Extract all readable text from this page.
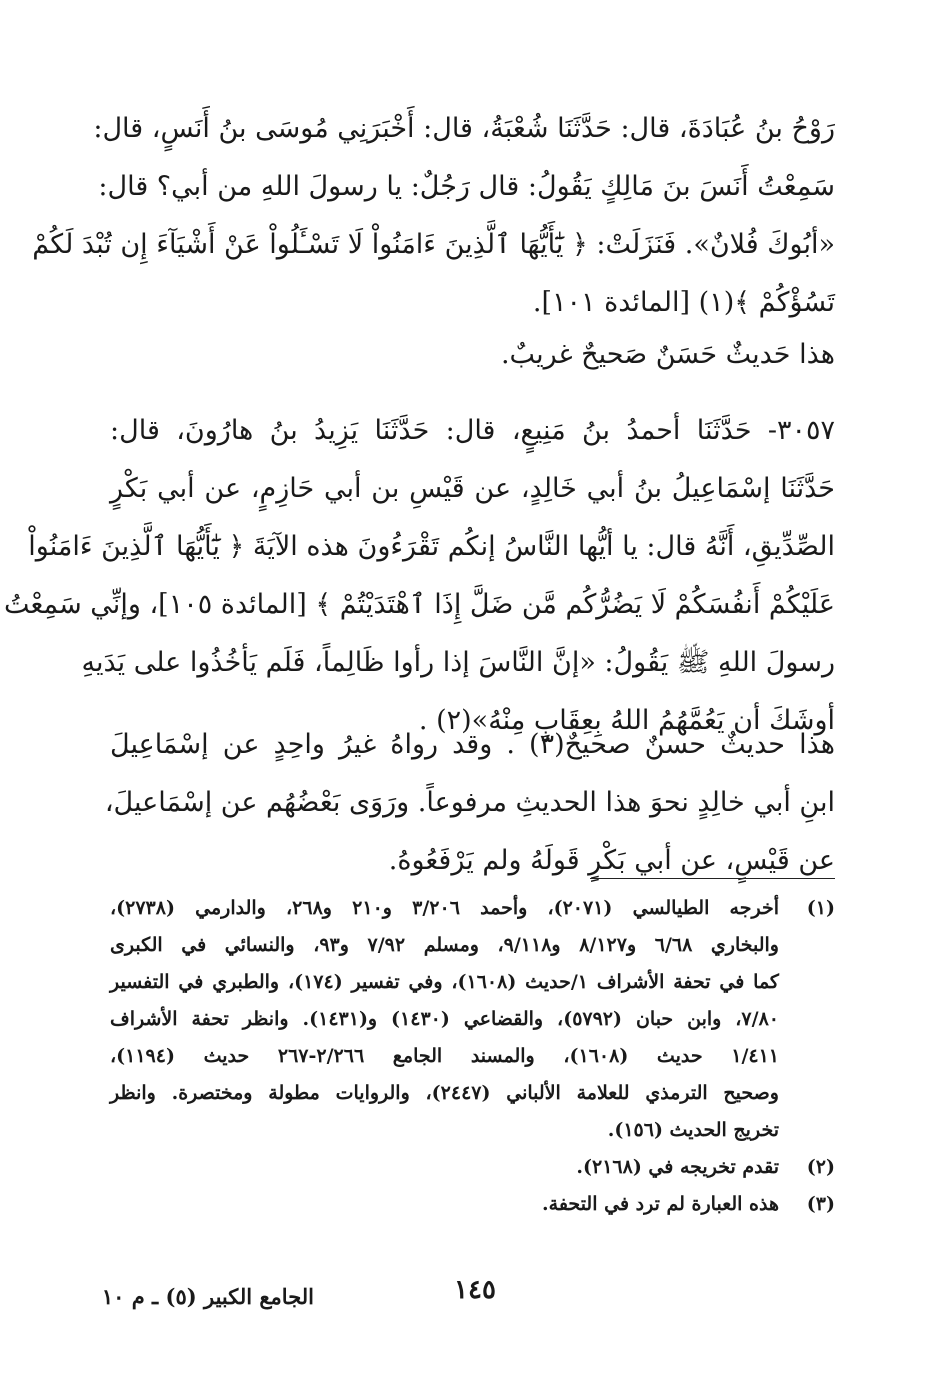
رَوْحُ بنُ عُبَادَةَ، قال: حَدَّثَنَا شُعْبَةُ، قال: أَخْبَرَنِي مُوسَى بنُ أَنَسٍ، قال:
سَمِعْتُ أَنَسَ بنَ مَالِكٍ يَقُولُ: قال رَجُلٌ: يا رسولَ اللهِ من أبي؟ قال:
«أبُوكَ فُلانٌ». فَنَزَلَتْ: ﴿ يَٰٓأَيُّهَا ٱلَّذِينَ ءَامَنُواْ لَا تَسْـَٔلُواْ عَنْ أَشْيَآءَ إِن تُبْدَ لَكُمْ
تَسُؤْكُمْ ﴾(١) [المائدة ١٠١].
هذا حَديثٌ حَسَنٌ صَحيحٌ غريبٌ.
٣٠٥٧- حَدَّثَنَا أحمدُ بنُ مَنِيعٍ، قال: حَدَّثَنَا يَزِيدُ بنُ هارُونَ، قال:
حَدَّثَنَا إسْمَاعِيلُ بنُ أبي خَالِدٍ، عن قَيْسِ بن أبي حَازِمٍ، عن أبي بَكْرٍ
الصِّدِّيقِ، أَنَّهُ قال: يا أيُّها النَّاسُ إنكُم تَقْرَءُونَ هذه الآيَةَ ﴿ يَٰٓأَيُّهَا ٱلَّذِينَ ءَامَنُواْ
عَلَيْكُمْ أَنفُسَكُمْ لَا يَضُرُّكُم مَّن ضَلَّ إِذَا ٱهْتَدَيْتُمْ ﴾ [المائدة ١٠٥]، وإنِّي سَمِعْتُ
رسولَ اللهِ ﷺ يَقُولُ: «إنَّ النَّاسَ إذا رأوا ظَالِماً، فَلَم يَأخُذُوا على يَدَيهِ
أوشَكَ أن يَعُمَّهُمُ اللهُ بِعِقَابٍ مِنْهُ»(٢) .
هذا حديثٌ حسنٌ صحيحٌ(٣) . وقد رواهُ غيرُ واحِدٍ عن إسْمَاعِيلَ
ابنِ أبي خالِدٍ نحوَ هذا الحديثِ مرفوعاً. ورَوَى بَعْضُهُم عن إسْمَاعيلَ،
عن قَيْسٍ، عن أبي بَكْرٍ قَولَهُ ولم يَرْفَعُوهُ.
(١)
أخرجه الطيالسي (٢٠٧١)، وأحمد ٣/٢٠٦ و٢١٠ و٢٦٨، والدارمي (٢٧٣٨)،
والبخاري ٦/٦٨ و٨/١٢٧ و٩/١١٨، ومسلم ٧/٩٢ و٩٣، والنسائي في الكبرى
كما في تحفة الأشراف ١/حديث (١٦٠٨)، وفي تفسير (١٧٤)، والطبري في التفسير
٧/٨٠، وابن حبان (٥٧٩٢)، والقضاعي (١٤٣٠) و(١٤٣١). وانظر تحفة الأشراف
١/٤١١ حديث (١٦٠٨)، والمسند الجامع ٢/٢٦٦-٢٦٧ حديث (١١٩٤)،
وصحيح الترمذي للعلامة الألباني (٢٤٤٧)، والروايات مطولة ومختصرة. وانظر
تخريج الحديث (١٥٦).
(٢)
تقدم تخريجه في (٢١٦٨).
(٣)
هذه العبارة لم ترد في التحفة.
١٤٥
الجامع الكبير (٥) ـ م ١٠
